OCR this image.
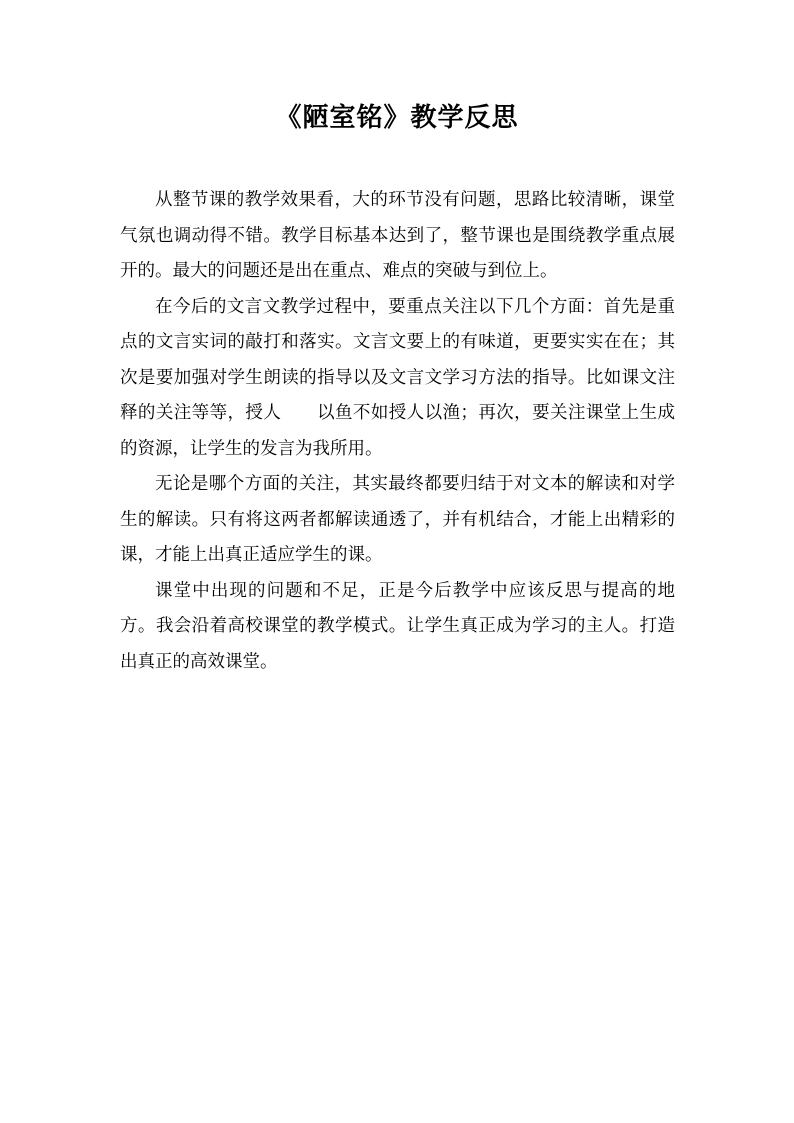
《陋室铭》教学反思

从整节课的教学效果看，大的环节没有问题，思路比较清晰，课堂气氛也调动得不错。教学目标基本达到了，整节课也是围绕教学重点展开的。最大的问题还是出在重点、难点的突破与到位上。

在今后的文言文教学过程中，要重点关注以下几个方面：首先是重点的文言实词的敲打和落实。文言文要上的有味道，更要实实在在；其次是要加强对学生朗读的指导以及文言文学习方法的指导。比如课文注释的关注等等，授人　　以鱼不如授人以渔；再次，要关注课堂上生成的资源，让学生的发言为我所用。

无论是哪个方面的关注，其实最终都要归结于对文本的解读和对学生的解读。只有将这两者都解读通透了，并有机结合，才能上出精彩的课，才能上出真正适应学生的课。

课堂中出现的问题和不足，正是今后教学中应该反思与提高的地方。我会沿着高校课堂的教学模式。让学生真正成为学习的主人。打造出真正的高效课堂。
